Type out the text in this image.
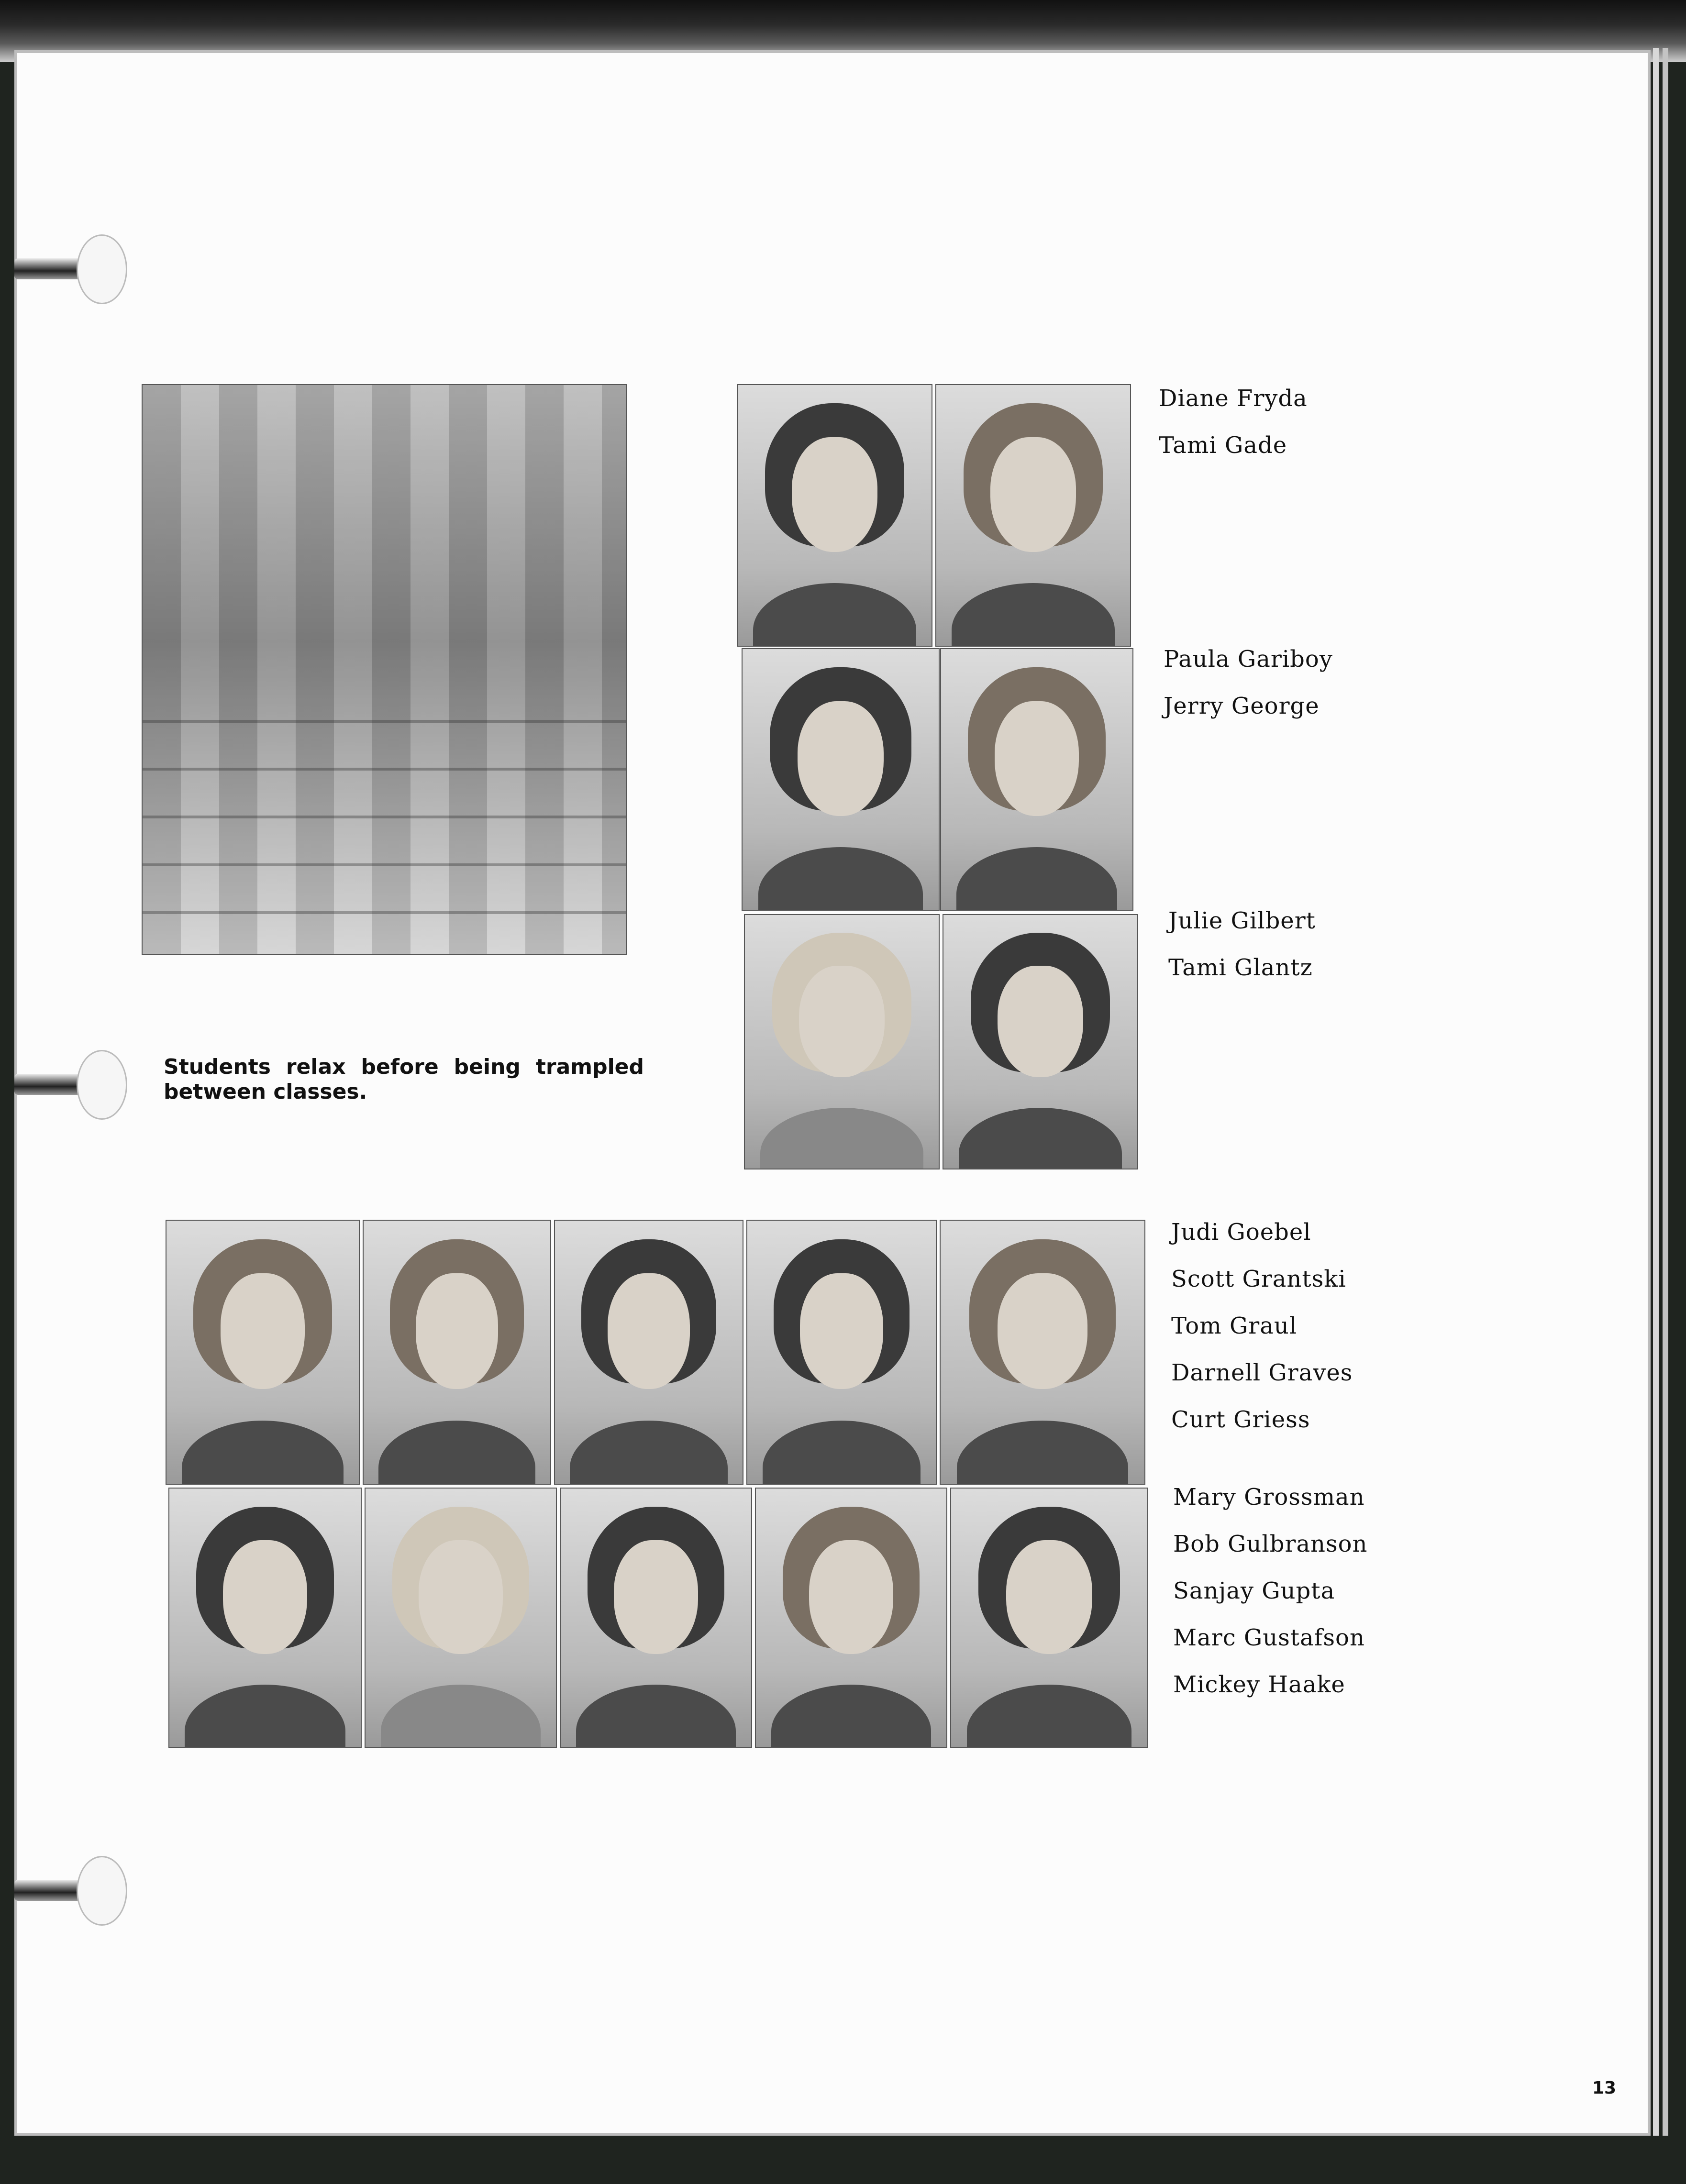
Students relax before being trampled between classes.
Diane Fryda
Tami Gade
Paula Gariboy
Jerry George
Julie Gilbert
Tami Glantz
Judi Goebel
Scott Grantski
Tom Graul
Darnell Graves
Curt Griess
Mary Grossman
Bob Gulbranson
Sanjay Gupta
Marc Gustafson
Mickey Haake
13
